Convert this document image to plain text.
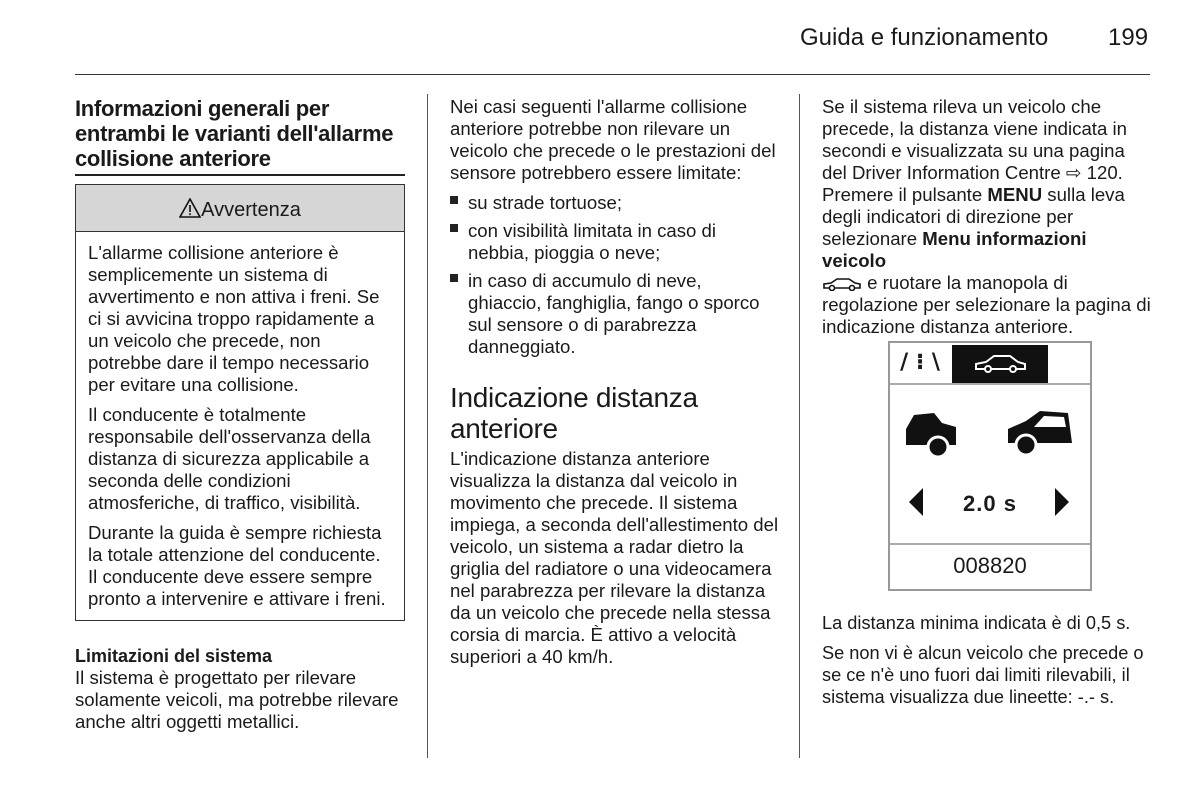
Guida e funzionamento 199
Informazioni generali per entrambi le varianti dell'allarme collisione anteriore
Avvertenza

L'allarme collisione anteriore è semplicemente un sistema di avvertimento e non attiva i freni. Se ci si avvicina troppo rapidamente a un veicolo che precede, non potrebbe dare il tempo necessario per evitare una collisione.

Il conducente è totalmente responsabile dell'osservanza della distanza di sicurezza applicabile a seconda delle condizioni atmosferiche, di traffico, visibilità.

Durante la guida è sempre richiesta la totale attenzione del conducente. Il conducente deve essere sempre pronto a intervenire e attivare i freni.

Limitazioni del sistema

Il sistema è progettato per rilevare solamente veicoli, ma potrebbe rilevare anche altri oggetti metallici.

Nei casi seguenti l'allarme collisione anteriore potrebbe non rilevare un veicolo che precede o le prestazioni del sensore potrebbero essere limitate:

su strade tortuose;
con visibilità limitata in caso di nebbia, pioggia o neve;
in caso di accumulo di neve, ghiaccio, fanghiglia, fango o sporco sul sensore o di parabrezza danneggiato.
Indicazione distanza anteriore

L'indicazione distanza anteriore visualizza la distanza dal veicolo in movimento che precede. Il sistema impiega, a seconda dell'allestimento del veicolo, un sistema a radar dietro la griglia del radiatore o una videocamera nel parabrezza per rilevare la distanza da un veicolo che precede nella stessa corsia di marcia. È attivo a velocità superiori a 40 km/h.

Se il sistema rileva un veicolo che precede, la distanza viene indicata in secondi e visualizzata su una pagina del Driver Information Centre ⇨ 120. Premere il pulsante MENU sulla leva degli indicatori di direzione per selezionare Menu informazioni veicolo
e ruotare la manopola di regolazione per selezionare la pagina di indicazione distanza anteriore.

/ ⁝ \
2.0 s
008820

La distanza minima indicata è di 0,5 s.

Se non vi è alcun veicolo che precede o se ce n'è uno fuori dai limiti rilevabili, il sistema visualizza due lineette: -.- s.
